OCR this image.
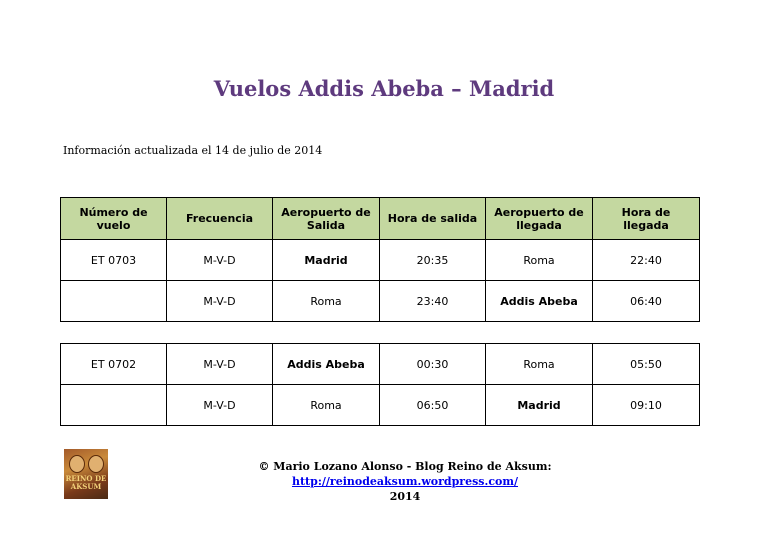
Vuelos Addis Abeba – Madrid
Información actualizada el 14 de julio de 2014
Número de vuelo	Frecuencia	Aeropuerto de Salida	Hora de salida	Aeropuerto de llegada	Hora de llegada
ET 0703	M-V-D	Madrid	20:35	Roma	22:40
	M-V-D	Roma	23:40	Addis Abeba	06:40
ET 0702	M-V-D	Addis Abeba	00:30	Roma	05:50
	M-V-D	Roma	06:50	Madrid	09:10
REINO DE AKSUM
© Mario Lozano Alonso - Blog Reino de Aksum: http://reinodeaksum.wordpress.com/
2014
